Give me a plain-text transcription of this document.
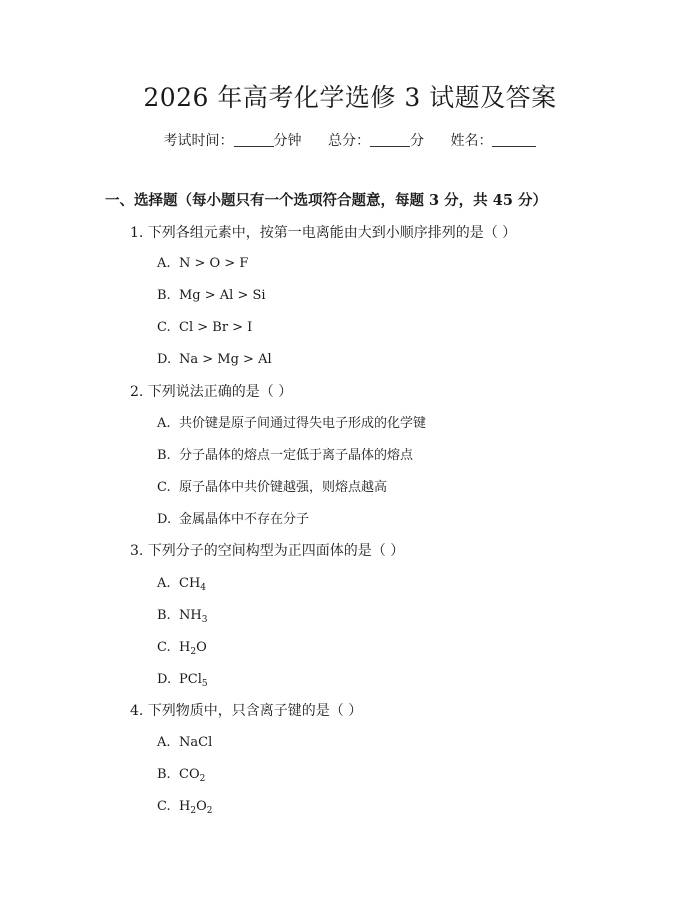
2026 年高考化学选修 3 试题及答案
考试时间：	分钟 总分：	分 姓名：
一、选择题（每小题只有一个选项符合题意，每题 3 分，共 45 分）
1. 下列各组元素中，按第一电离能由大到小顺序排列的是（ ）
A. N > O > F
B. Mg > Al > Si
C. Cl > Br > I
D. Na > Mg > Al
2. 下列说法正确的是（ ）
A. 共价键是原子间通过得失电子形成的化学键
B. 分子晶体的熔点一定低于离子晶体的熔点
C. 原子晶体中共价键越强，则熔点越高
D. 金属晶体中不存在分子
3. 下列分子的空间构型为正四面体的是（ ）
A. $CH_4$
B. $NH_3$
C. $H_2O$
D. PCl$_5$
4. 下列物质中，只含离子键的是（ ）
A. NaCl
B. $CO_2$
C. $H_2O_2$
